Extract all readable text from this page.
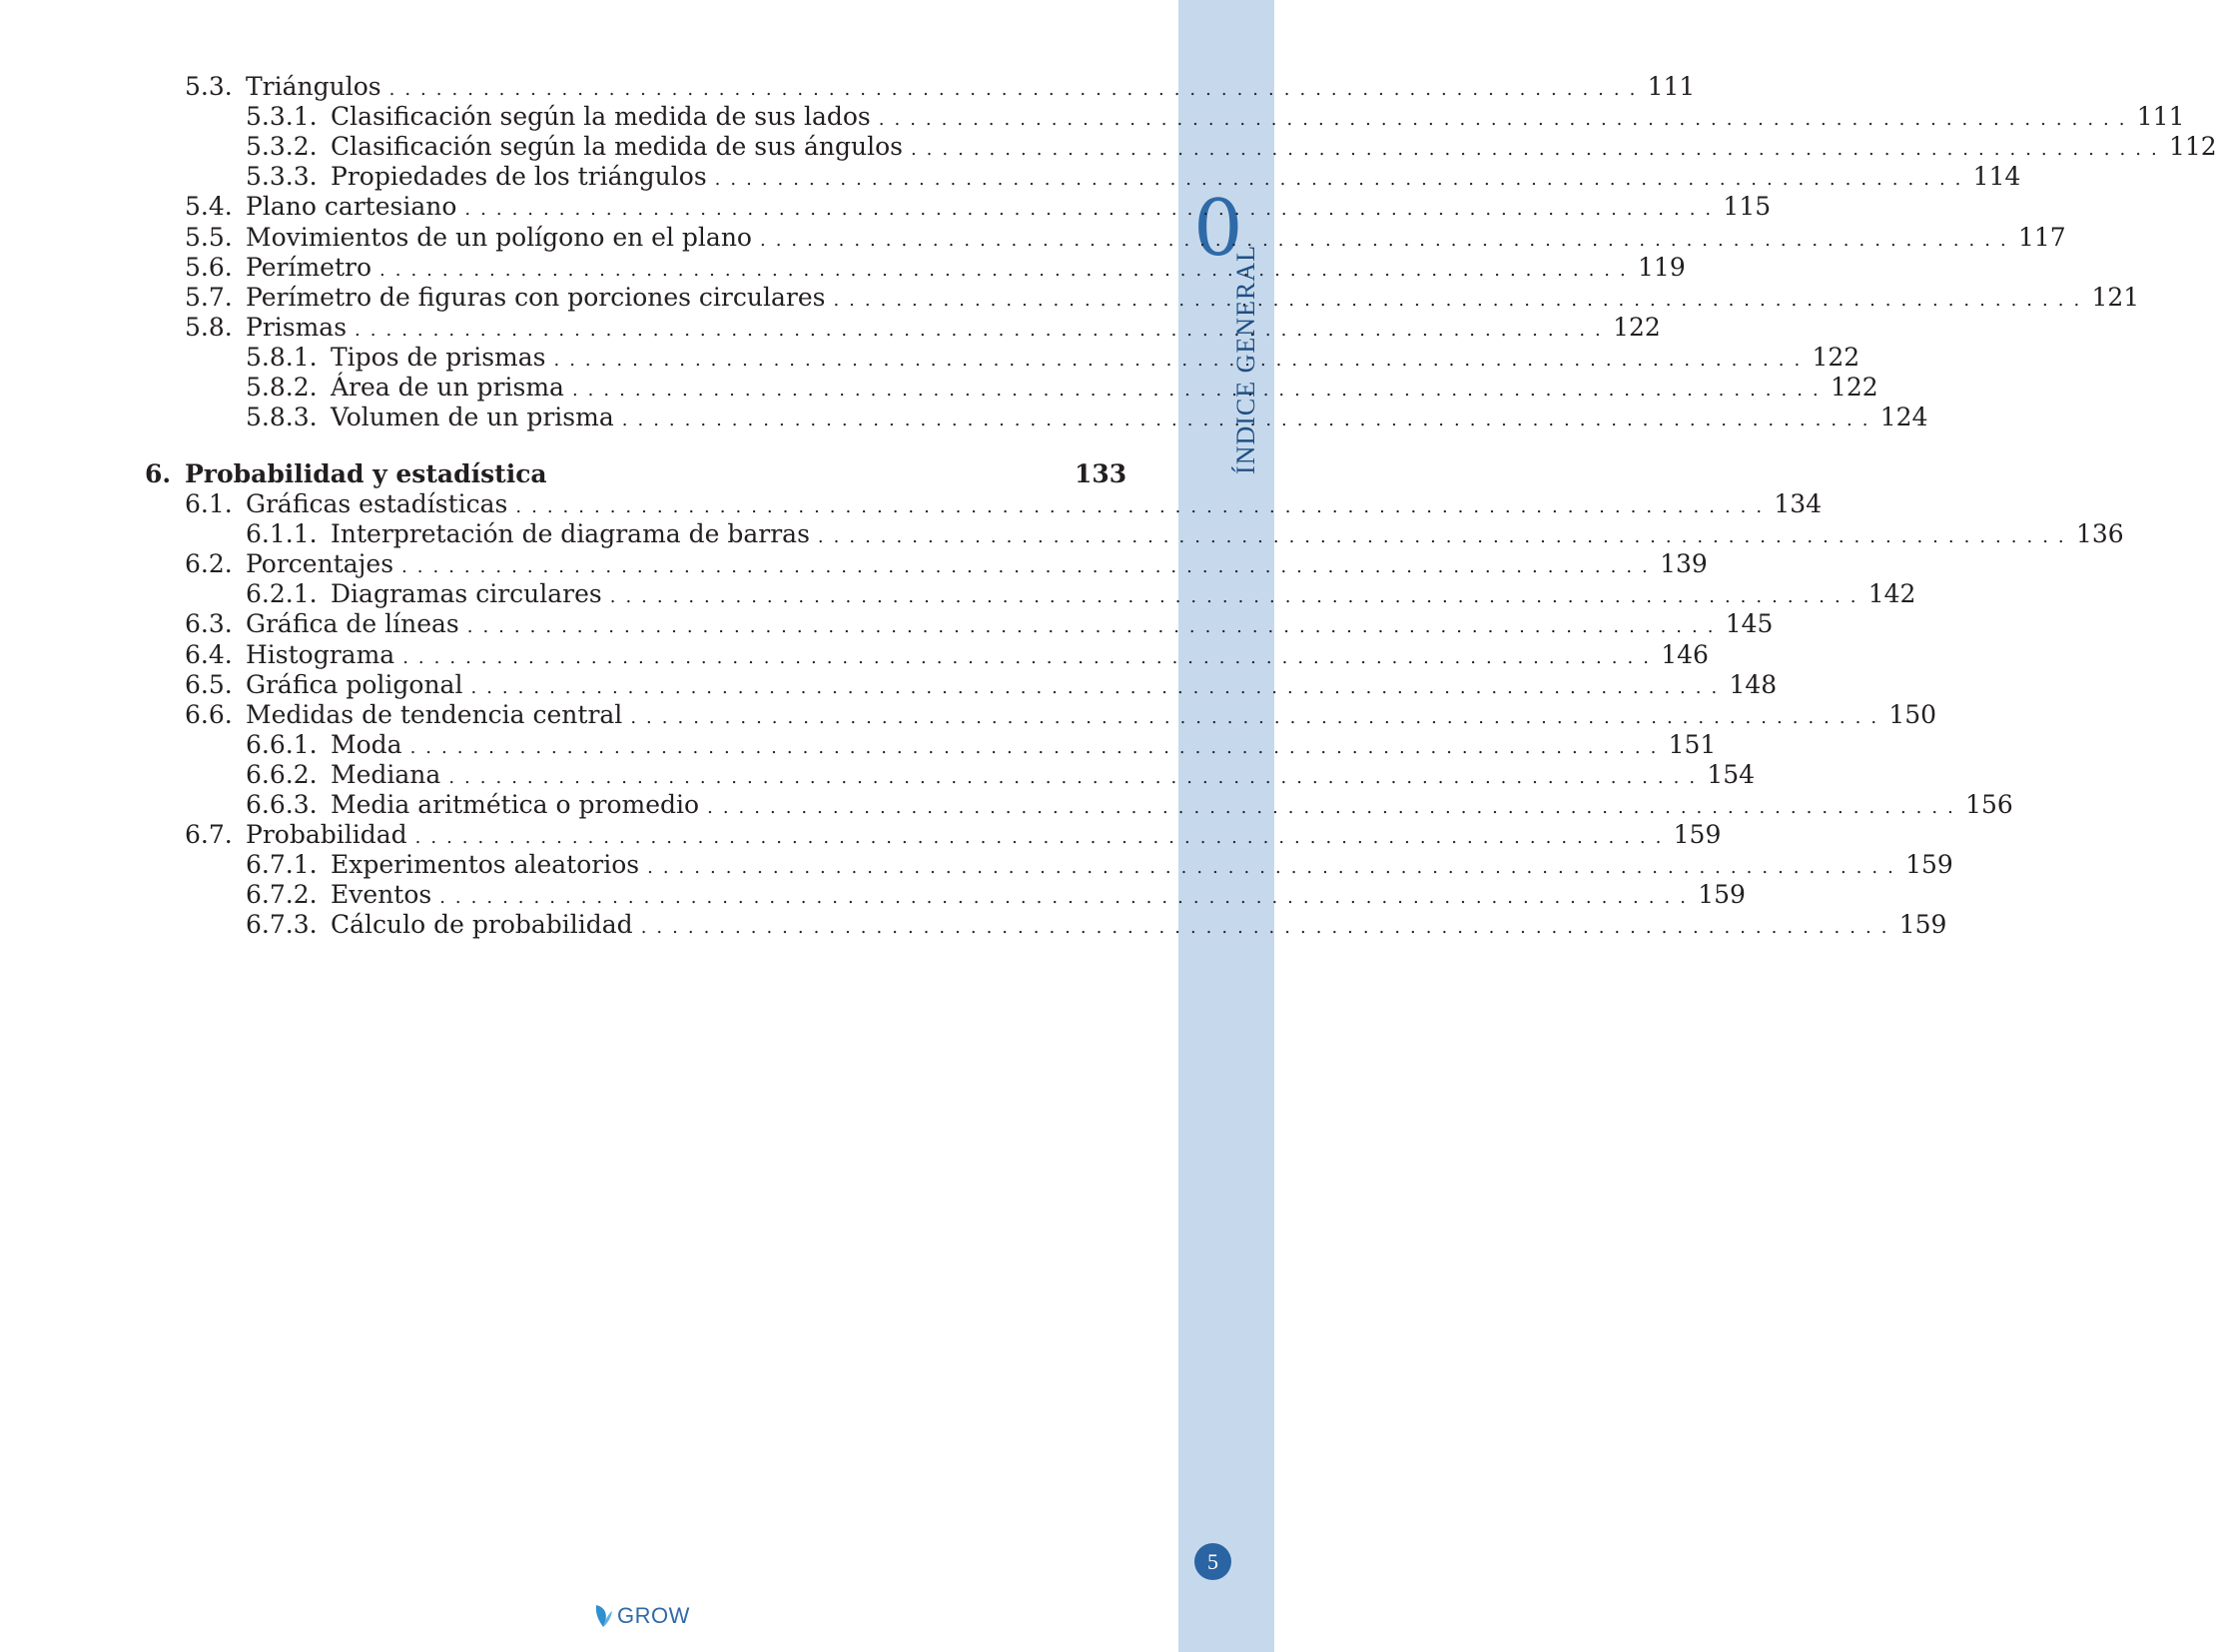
0
ÍNDICE GENERAL
5
5.3. Triángulos ................................................................................ 111
5.3.1. Clasificación según la medida de sus lados ................................................................................ 111
5.3.2. Clasificación según la medida de sus ángulos ................................................................................ 112
5.3.3. Propiedades de los triángulos ................................................................................ 114
5.4. Plano cartesiano ................................................................................ 115
5.5. Movimientos de un polígono en el plano ................................................................................ 117
5.6. Perímetro ................................................................................ 119
5.7. Perímetro de figuras con porciones circulares ................................................................................ 121
5.8. Prismas ................................................................................ 122
5.8.1. Tipos de prismas ................................................................................ 122
5.8.2. Área de un prisma ................................................................................ 122
5.8.3. Volumen de un prisma ................................................................................ 124
6. Probabilidad y estadística	133
6.1. Gráficas estadísticas ................................................................................ 134
6.1.1. Interpretación de diagrama de barras ................................................................................ 136
6.2. Porcentajes ................................................................................ 139
6.2.1. Diagramas circulares ................................................................................ 142
6.3. Gráfica de líneas ................................................................................ 145
6.4. Histograma ................................................................................ 146
6.5. Gráfica poligonal ................................................................................ 148
6.6. Medidas de tendencia central ................................................................................ 150
6.6.1. Moda ................................................................................ 151
6.6.2. Mediana ................................................................................ 154
6.6.3. Media aritmética o promedio ................................................................................ 156
6.7. Probabilidad ................................................................................ 159
6.7.1. Experimentos aleatorios ................................................................................ 159
6.7.2. Eventos ................................................................................ 159
6.7.3. Cálculo de probabilidad ................................................................................ 159
GROW
